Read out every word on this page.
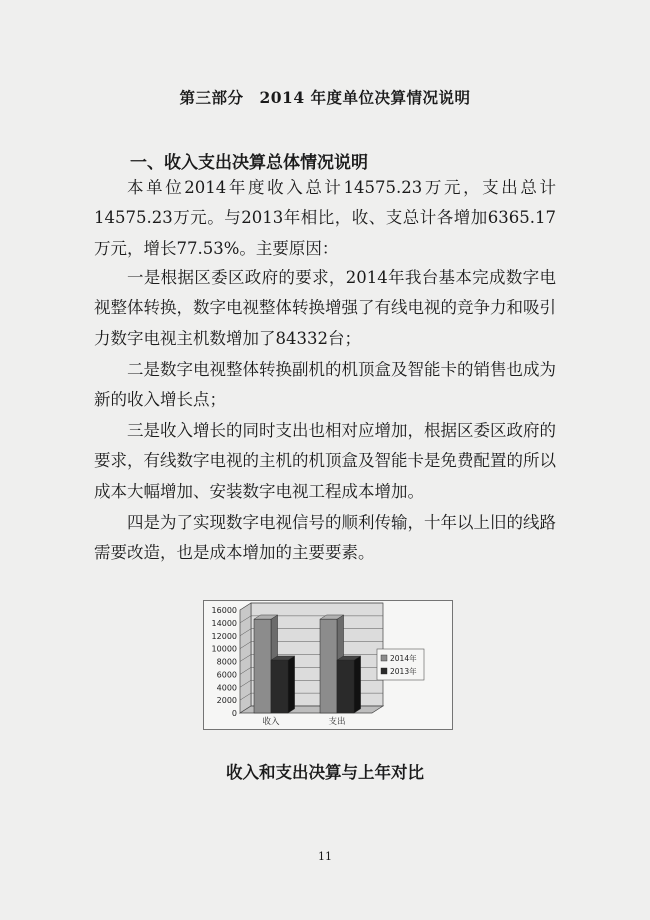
第三部分　2014 年度单位决算情况说明
一、收入支出决算总体情况说明
本单位2014年度收入总计14575.23万元，支出总计14575.23万元。与2013年相比，收、支总计各增加6365.17万元，增长77.53%。主要原因：
一是根据区委区政府的要求，2014年我台基本完成数字电视整体转换，数字电视整体转换增强了有线电视的竞争力和吸引力数字电视主机数增加了84332台；
二是数字电视整体转换副机的机顶盒及智能卡的销售也成为新的收入增长点；
三是收入增长的同时支出也相对应增加，根据区委区政府的要求，有线数字电视的主机的机顶盒及智能卡是免费配置的所以成本大幅增加、安装数字电视工程成本增加。
四是为了实现数字电视信号的顺利传输，十年以上旧的线路需要改造，也是成本增加的主要要素。
0
2000
4000
6000
8000
10000
12000
14000
16000
收入	支出
2014年
2013年
收入和支出决算与上年对比
11
